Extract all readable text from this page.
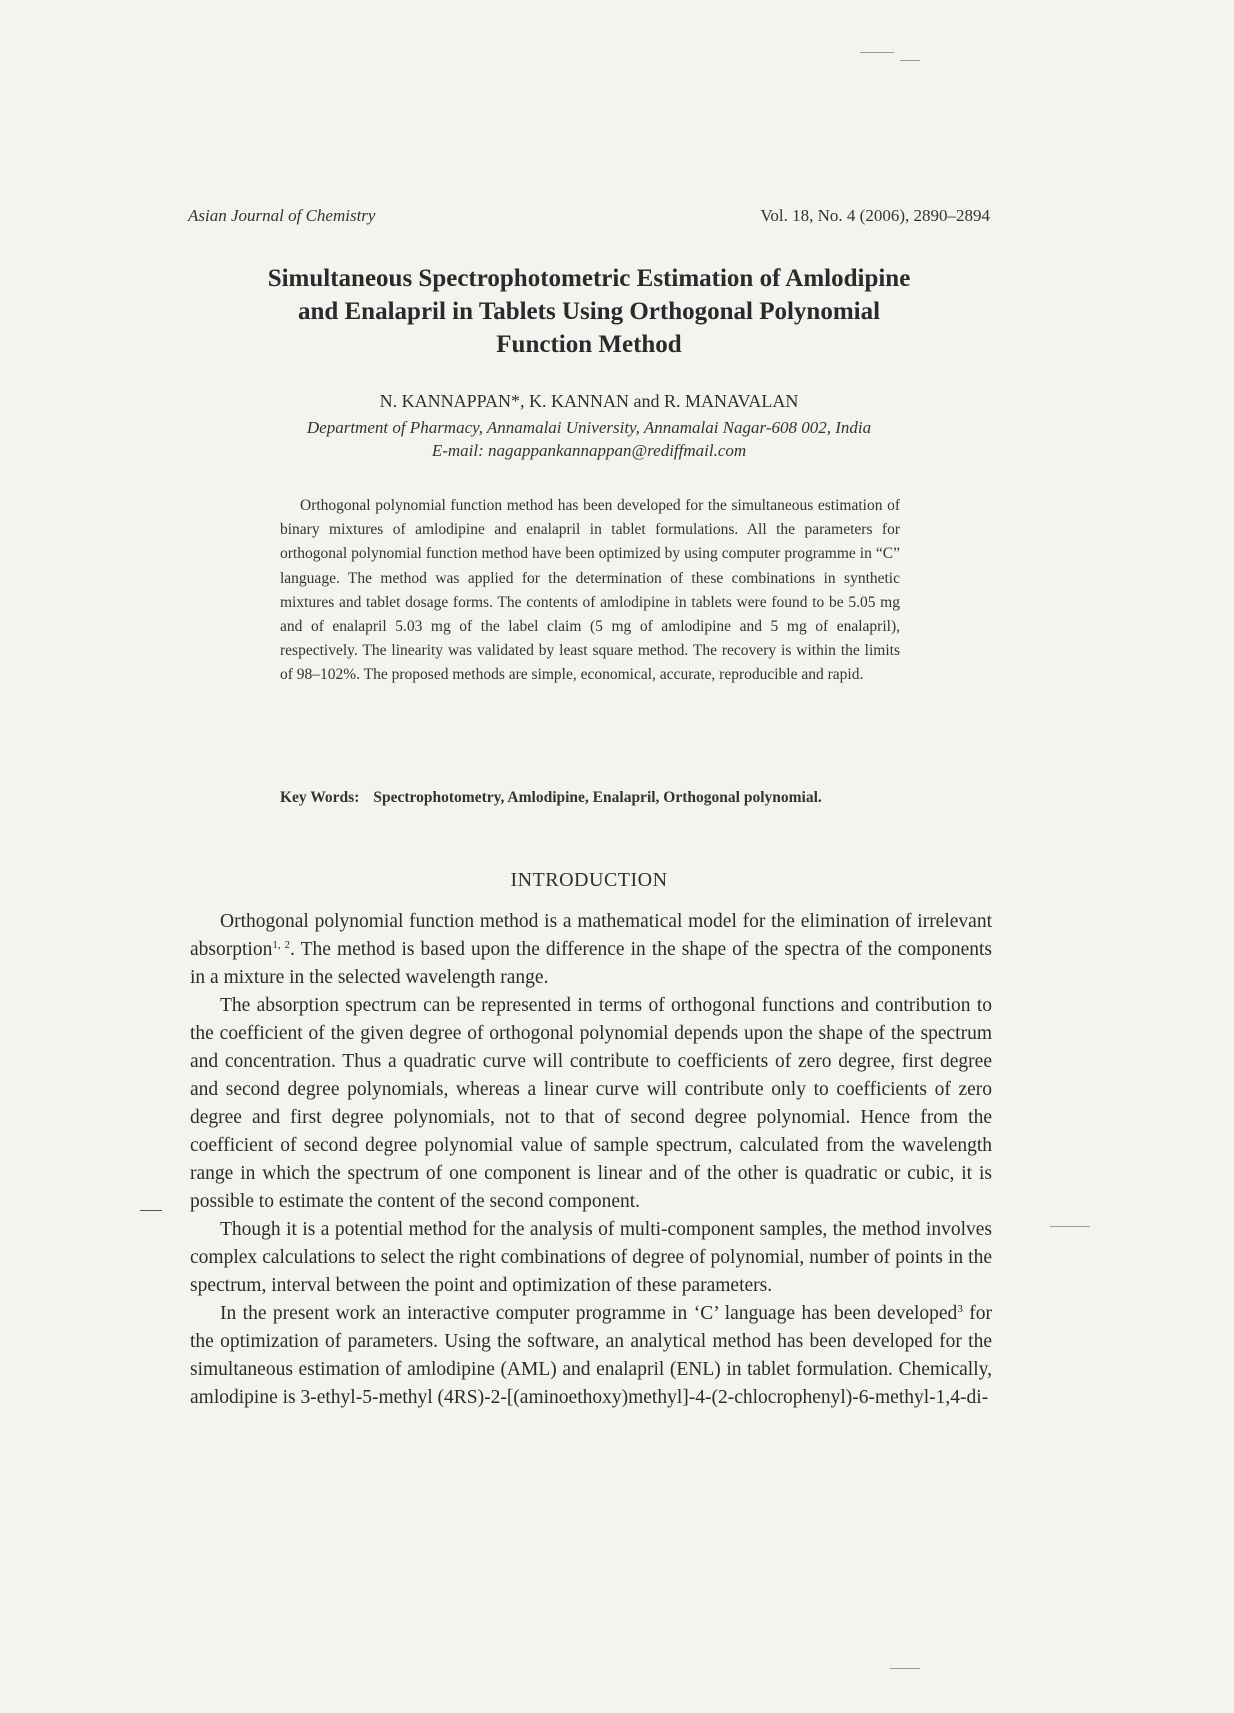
Asian Journal of Chemistry	Vol. 18, No. 4 (2006), 2890–2894
Simultaneous Spectrophotometric Estimation of Amlodipine
and Enalapril in Tablets Using Orthogonal Polynomial
Function Method
N. KANNAPPAN*, K. KANNAN and R. MANAVALAN
Department of Pharmacy, Annamalai University, Annamalai Nagar-608 002, India
E-mail: nagappankannappan@rediffmail.com

Orthogonal polynomial function method has been developed for the simultaneous estimation of binary mixtures of amlodipine and enalapril in tablet formulations. All the parameters for orthogonal polynomial function method have been optimized by using computer programme in “C” language. The method was applied for the determination of these combinations in synthetic mixtures and tablet dosage forms. The contents of amlodipine in tablets were found to be 5.05 mg and of enalapril 5.03 mg of the label claim (5 mg of amlodipine and 5 mg of enalapril), respectively. The linearity was validated by least square method. The recovery is within the limits of 98–102%. The proposed methods are simple, economical, accurate, reproducible and rapid.

Key Words: Spectrophotometry, Amlodipine, Enalapril, Orthogonal polynomial.
INTRODUCTION

Orthogonal polynomial function method is a mathematical model for the elimination of irrelevant absorption$^{1, 2}$. The method is based upon the difference in the shape of the spectra of the components in a mixture in the selected wavelength range.

The absorption spectrum can be represented in terms of orthogonal functions and contribution to the coefficient of the given degree of orthogonal polynomial depends upon the shape of the spectrum and concentration. Thus a quadratic curve will contribute to coefficients of zero degree, first degree and second degree polynomials, whereas a linear curve will contribute only to coefficients of zero degree and first degree polynomials, not to that of second degree polynomial. Hence from the coefficient of second degree polynomial value of sample spectrum, calculated from the wavelength range in which the spectrum of one component is linear and of the other is quadratic or cubic, it is possible to estimate the content of the second component.

Though it is a potential method for the analysis of multi-component samples, the method involves complex calculations to select the right combinations of degree of polynomial, number of points in the spectrum, interval between the point and optimization of these parameters.

In the present work an interactive computer programme in ‘C’ language has been developed$^3$ for the optimization of parameters. Using the software, an analytical method has been developed for the simultaneous estimation of amlodipine (AML) and enalapril (ENL) in tablet formulation. Chemically, amlodipine is 3-ethyl-5-methyl (4RS)-2-[(aminoethoxy)methyl]-4-(2-chlocrophenyl)-6-methyl-1,4-di-
